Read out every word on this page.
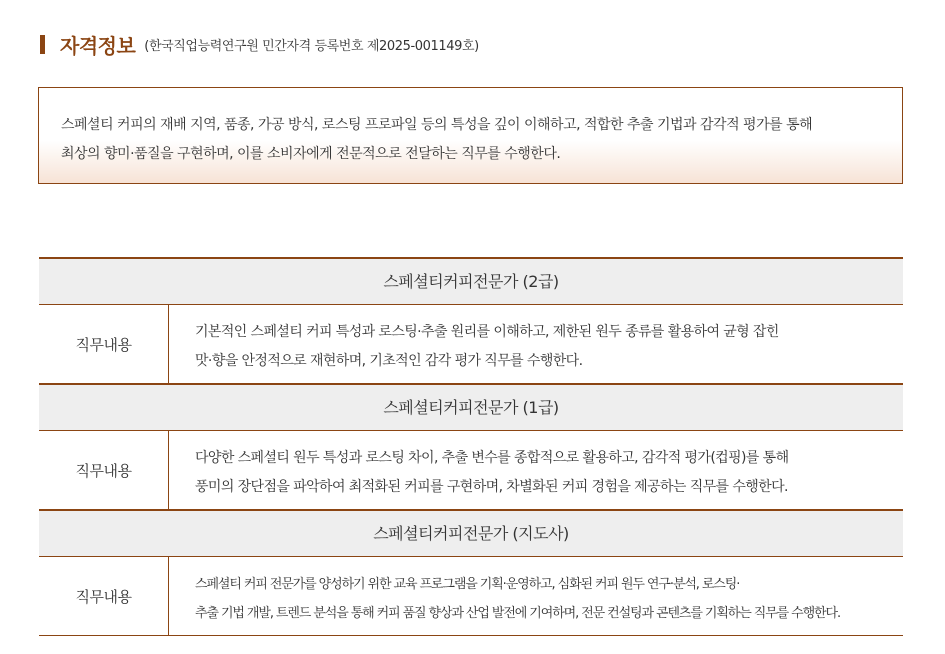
자격정보 (한국직업능력연구원 민간자격 등록번호 제2025-001149호)

스페셜티 커피의 재배 지역, 품종, 가공 방식, 로스팅 프로파일 등의 특성을 깊이 이해하고, 적합한 추출 기법과 감각적 평가를 통해
최상의 향미·품질을 구현하며, 이를 소비자에게 전문적으로 전달하는 직무를 수행한다.

스페셜티커피전문가 (2급)
직무내용

기본적인 스페셜티 커피 특성과 로스팅·추출 원리를 이해하고, 제한된 원두 종류를 활용하여 균형 잡힌
맛·향을 안정적으로 재현하며, 기초적인 감각 평가 직무를 수행한다.

스페셜티커피전문가 (1급)
직무내용

다양한 스페셜티 원두 특성과 로스팅 차이, 추출 변수를 종합적으로 활용하고, 감각적 평가(컵핑)를 통해
풍미의 장단점을 파악하여 최적화된 커피를 구현하며, 차별화된 커피 경험을 제공하는 직무를 수행한다.

스페셜티커피전문가 (지도사)
직무내용

스페셜티 커피 전문가를 양성하기 위한 교육 프로그램을 기획·운영하고, 심화된 커피 원두 연구·분석, 로스팅·
추출 기법 개발, 트렌드 분석을 통해 커피 품질 향상과 산업 발전에 기여하며, 전문 컨설팅과 콘텐츠를 기획하는 직무를 수행한다.
